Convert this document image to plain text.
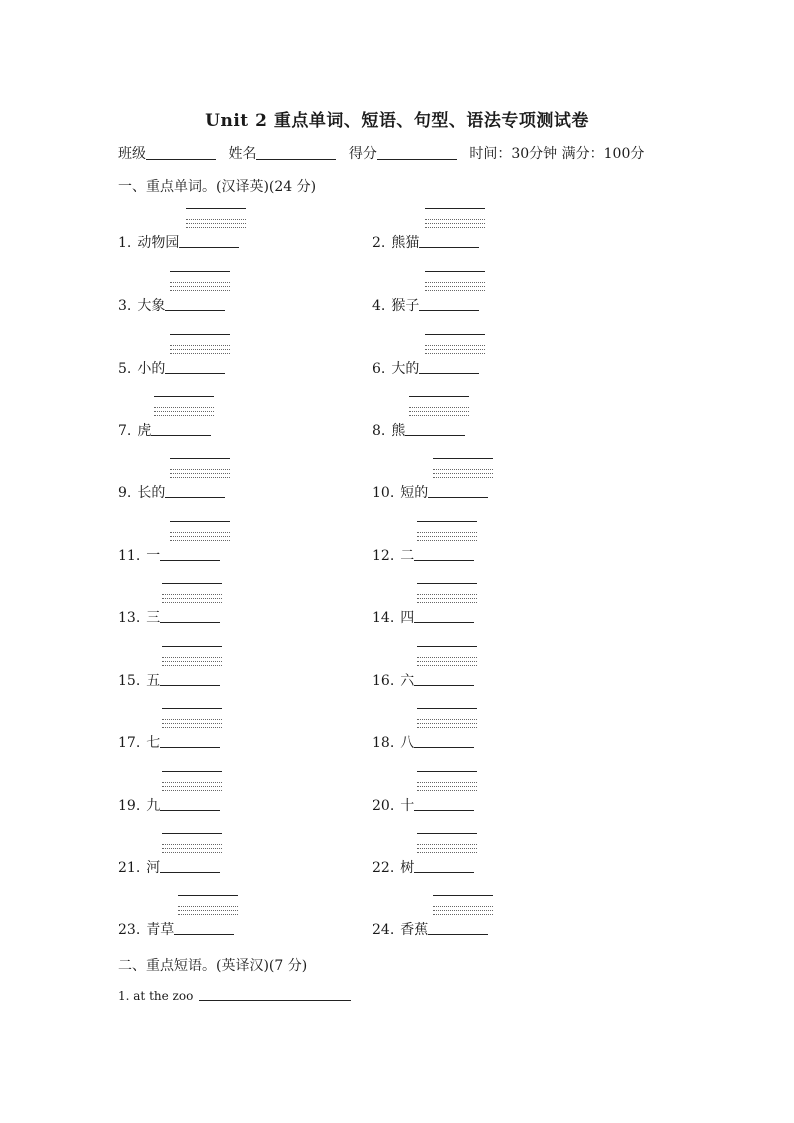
Unit 2 重点单词、短语、句型、语法专项测试卷
班级	姓名	得分	时间：30分钟 满分：100分
一、重点单词。(汉译英)(24 分)
1. 动物园	2. 熊猫
3. 大象	4. 猴子
5. 小的	6. 大的
7. 虎	8. 熊
9. 长的	10. 短的
11. 一	12. 二
13. 三	14. 四
15. 五	16. 六
17. 七	18. 八
19. 九	20. 十
21. 河	22. 树
23. 青草	24. 香蕉
二、重点短语。(英译汉)(7 分)
1. at the zoo
